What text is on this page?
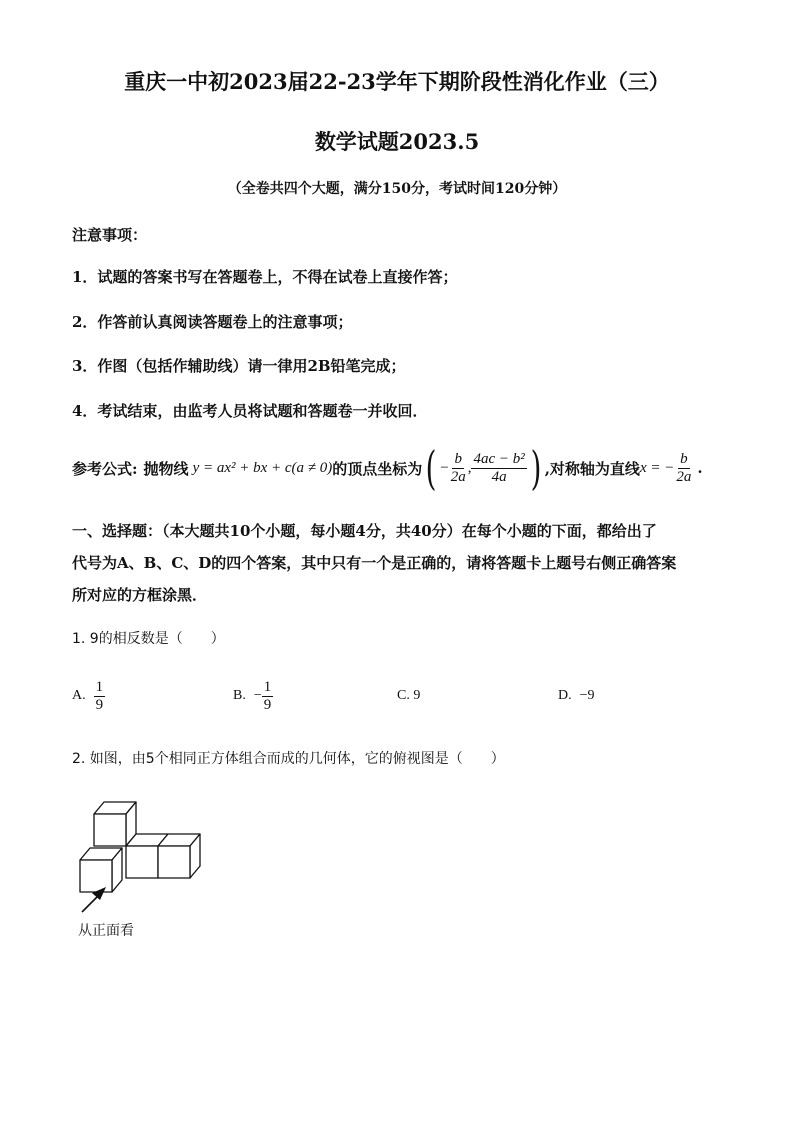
重庆一中初2023届22-23学年下期阶段性消化作业（三）
数学试题2023.5
（全卷共四个大题，满分150分，考试时间120分钟）
注意事项：
1．试题的答案书写在答题卷上，不得在试卷上直接作答；
2．作答前认真阅读答题卷上的注意事项；
3．作图（包括作辅助线）请一律用2B铅笔完成；
4．考试结束，由监考人员将试题和答题卷一并收回．
参考公式: 抛物线 y = ax² + bx + c(a ≠ 0) 的顶点坐标为 ( − $\frac{b}{2a}$ , $\frac{\text{4ac − b²}}{4a}$ ) ,对称轴为直线 x = − $\frac{b}{2a}$ .
一、选择题：（本大题共10个小题，每小题4分，共40分）在每个小题的下面，都给出了
代号为A、B、C、D的四个答案，其中只有一个是正确的，请将答题卡上题号右侧正确答案
所对应的方框涂黑．
1. 9的相反数是（　　）
A. $\frac{1}{9}$	B. − $\frac{1}{9}$	C. 9	D. −9
2. 如图，由5个相同正方体组合而成的几何体，它的俯视图是（　　）
从正面看
